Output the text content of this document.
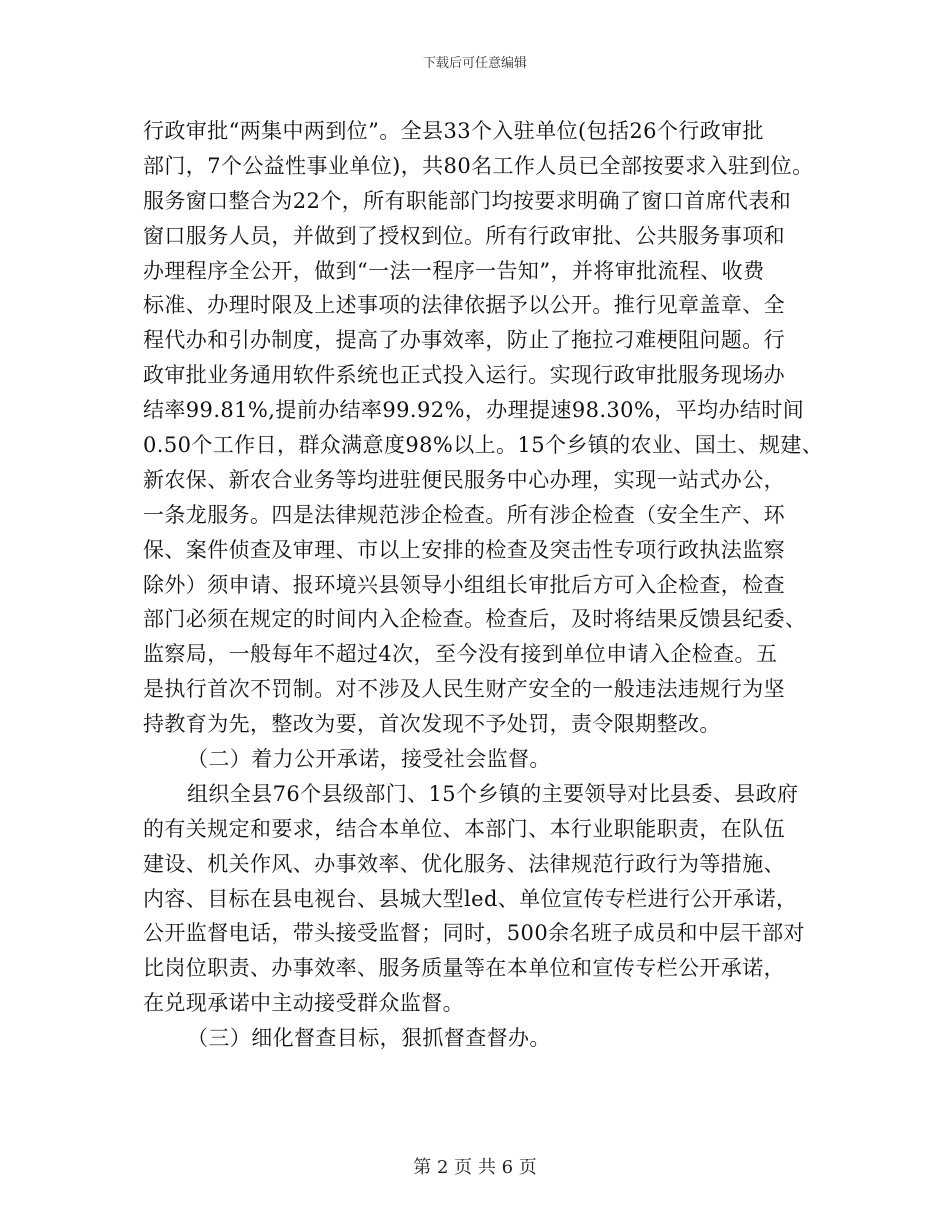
下载后可任意编辑
行政审批“两集中两到位”。全县33个入驻单位(包括26个行政审批
部门，7个公益性事业单位)，共80名工作人员已全部按要求入驻到位。
服务窗口整合为22个，所有职能部门均按要求明确了窗口首席代表和
窗口服务人员，并做到了授权到位。所有行政审批、公共服务事项和
办理程序全公开，做到“一法一程序一告知”，并将审批流程、收费
标准、办理时限及上述事项的法律依据予以公开。推行见章盖章、全
程代办和引办制度，提高了办事效率，防止了拖拉刁难梗阻问题。行
政审批业务通用软件系统也正式投入运行。实现行政审批服务现场办
结率99.81%,提前办结率99.92%，办理提速98.30%，平均办结时间
0.50个工作日，群众满意度98%以上。15个乡镇的农业、国土、规建、
新农保、新农合业务等均进驻便民服务中心办理，实现一站式办公，
一条龙服务。四是法律规范涉企检查。所有涉企检查（安全生产、环
保、案件侦查及审理、市以上安排的检查及突击性专项行政执法监察
除外）须申请、报环境兴县领导小组组长审批后方可入企检查，检查
部门必须在规定的时间内入企检查。检查后，及时将结果反馈县纪委、
监察局，一般每年不超过4次，至今没有接到单位申请入企检查。五
是执行首次不罚制。对不涉及人民生财产安全的一般违法违规行为坚
持教育为先，整改为要，首次发现不予处罚，责令限期整改。
（二）着力公开承诺，接受社会监督。
组织全县76个县级部门、15个乡镇的主要领导对比县委、县政府
的有关规定和要求，结合本单位、本部门、本行业职能职责，在队伍
建设、机关作风、办事效率、优化服务、法律规范行政行为等措施、
内容、目标在县电视台、县城大型led、单位宣传专栏进行公开承诺，
公开监督电话，带头接受监督；同时，500余名班子成员和中层干部对
比岗位职责、办事效率、服务质量等在本单位和宣传专栏公开承诺，
在兑现承诺中主动接受群众监督。
（三）细化督查目标，狠抓督查督办。
第 2 页 共 6 页
